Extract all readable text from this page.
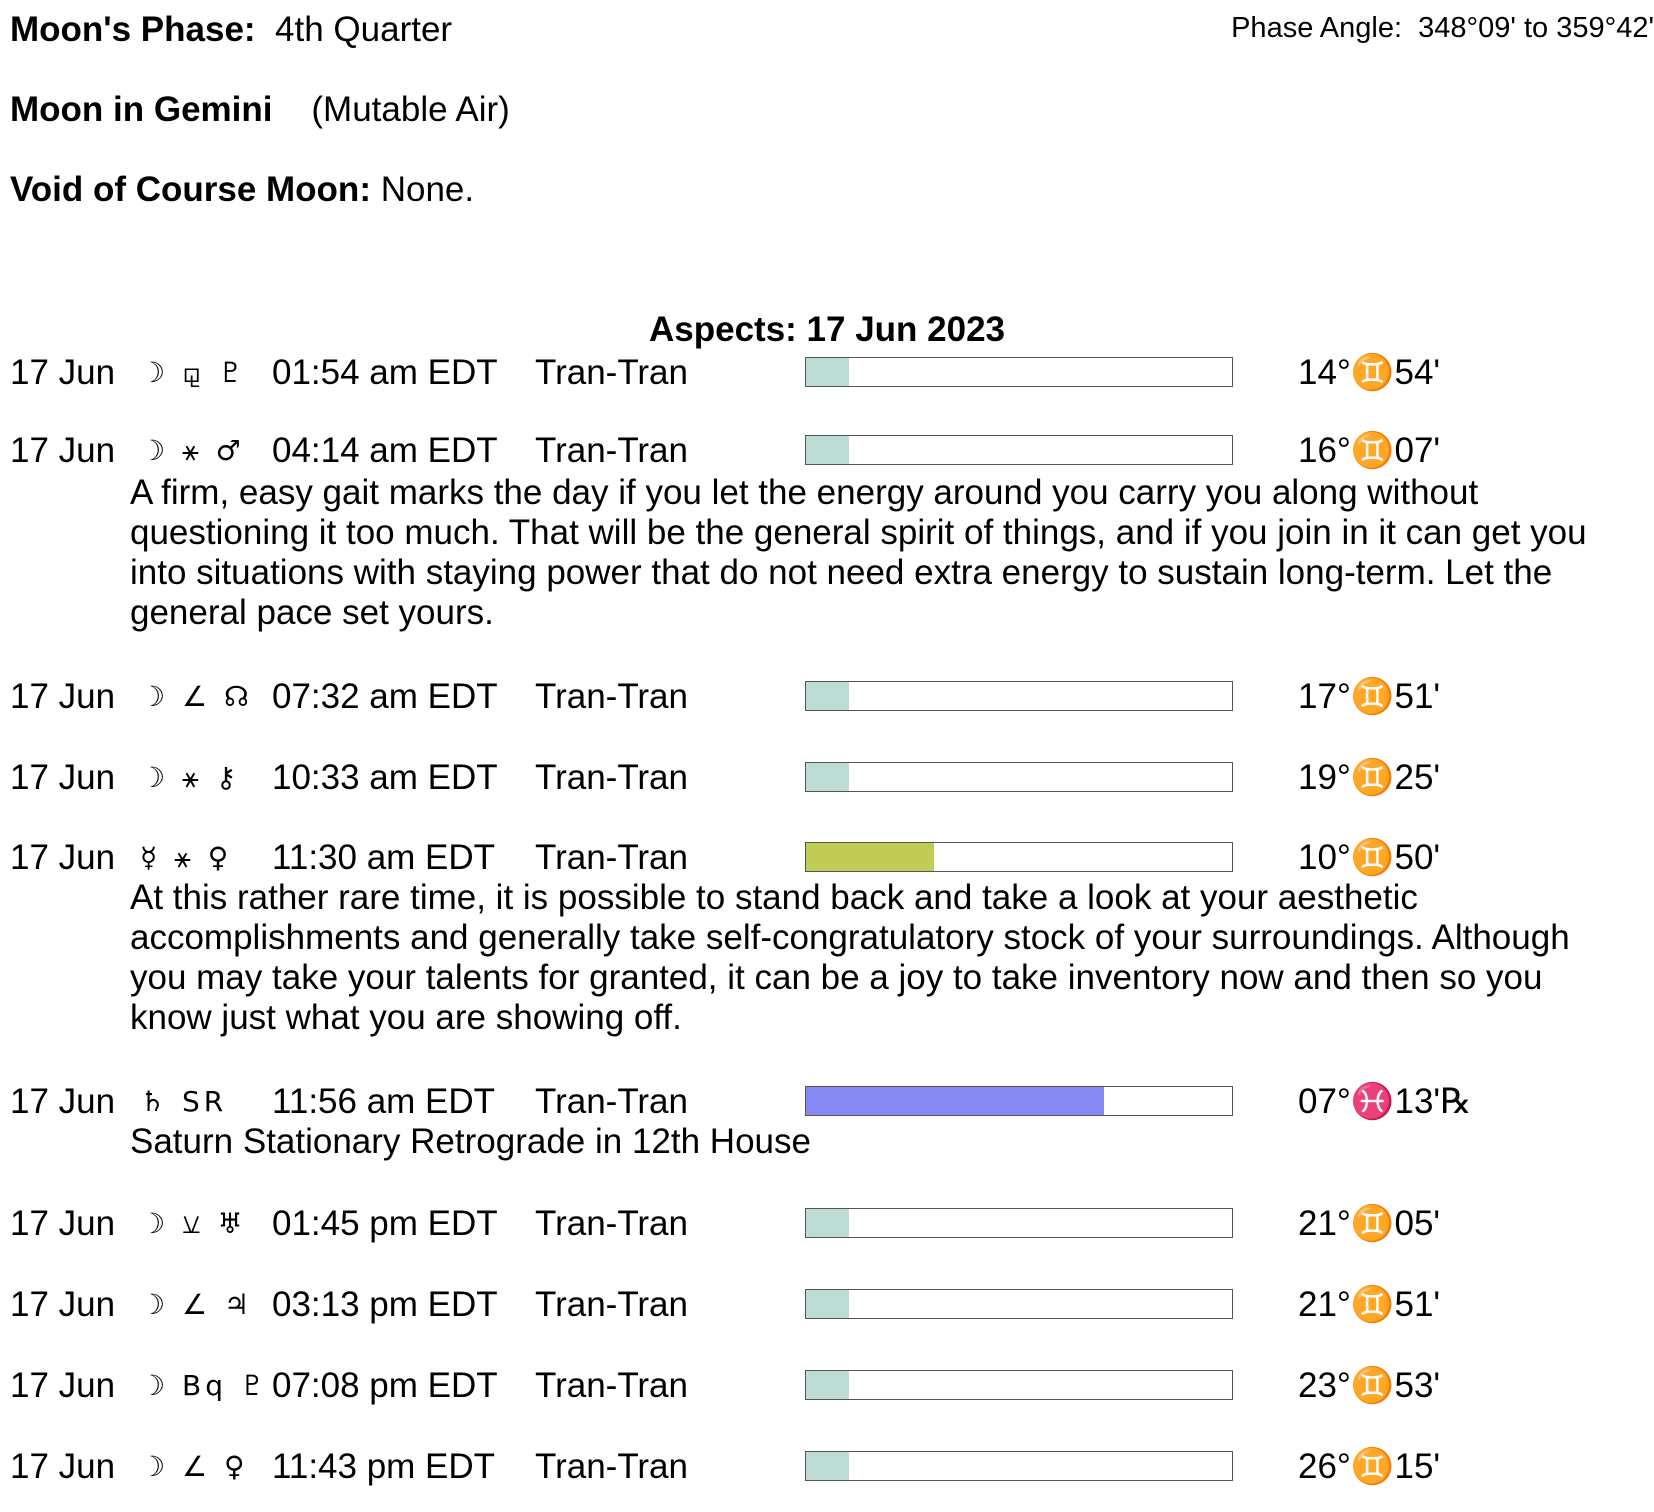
Moon's Phase: 4th Quarter
Moon in Gemini (Mutable Air)
Void of Course Moon: None.
Phase Angle: 348°09' to 359°42'
Aspects: 17 Jun 2023
17 Jun ☽ ⚼ ♇ 01:54 am EDT Tran-Tran	14°♊54'
17 Jun ☽ ⚹ ♂ 04:14 am EDT Tran-Tran	16°♊07'
A firm, easy gait marks the day if you let the energy around you carry you along without questioning it too much. That will be the general spirit of things, and if you join in it can get you into situations with staying power that do not need extra energy to sustain long-term. Let the general pace set yours.
17 Jun ☽ ∠ ☊ 07:32 am EDT Tran-Tran	17°♊51'
17 Jun ☽ ⚹ ⚷ 10:33 am EDT Tran-Tran	19°♊25'
17 Jun ☿ ⚹ ♀	11:30 am EDT Tran-Tran	10°♊50'
At this rather rare time, it is possible to stand back and take a look at your aesthetic accomplishments and generally take self-congratulatory stock of your surroundings. Although you may take your talents for granted, it can be a joy to take inventory now and then so you know just what you are showing off.
17 Jun ♄ SR	11:56 am EDT Tran-Tran	07°♓13'℞
Saturn Stationary Retrograde in 12th House
17 Jun ☽ ⚺ ♅ 01:45 pm EDT Tran-Tran	21°♊05'
17 Jun ☽ ∠ ♃ 03:13 pm EDT Tran-Tran	21°♊51'
17 Jun ☽ Bq ♇ 07:08 pm EDT Tran-Tran	23°♊53'
17 Jun ☽ ∠ ♀ 11:43 pm EDT Tran-Tran	26°♊15'
